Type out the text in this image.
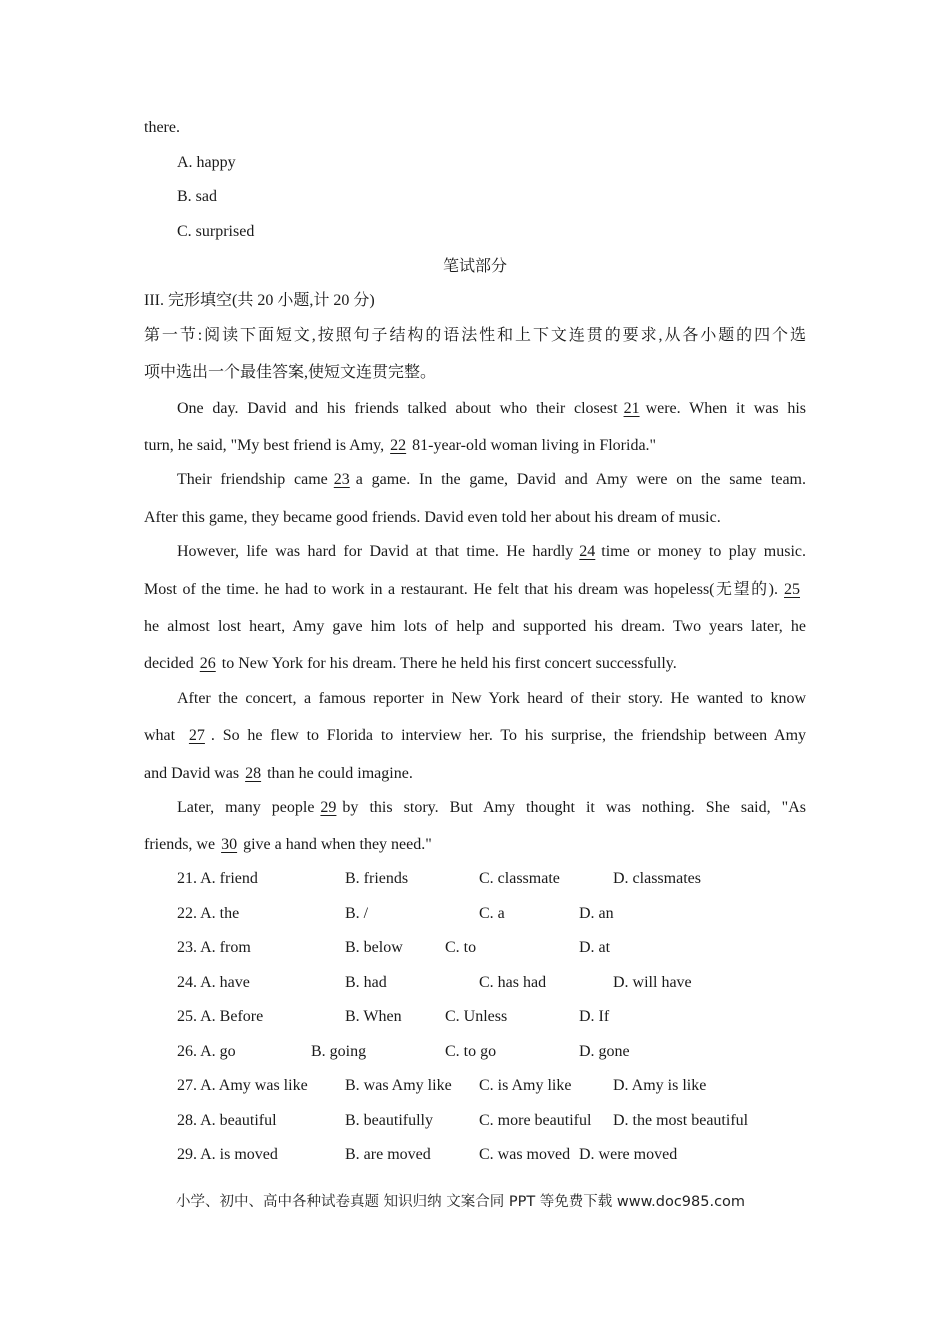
there.
A. happy
B. sad
C. surprised
笔试部分
III. 完形填空(共 20 小题,计 20 分)
第一节:阅读下面短文,按照句子结构的语法性和上下文连贯的要求,从各小题的四个选
项中选出一个最佳答案,使短文连贯完整。
One day. David and his friends talked about who their closest 21 were. When it was his
turn, he said, "My best friend is Amy, 22 81-year-old woman living in Florida."
Their friendship came 23 a game. In the game, David and Amy were on the same team.
After this game, they became good friends. David even told her about his dream of music.
However, life was hard for David at that time. He hardly 24 time or money to play music.
Most of the time. he had to work in a restaurant. He felt that his dream was hopeless(无望的). 25
he almost lost heart, Amy gave him lots of help and supported his dream. Two years later, he
decided 26 to New York for his dream. There he held his first concert successfully.
After the concert, a famous reporter in New York heard of their story. He wanted to know
what 27 . So he flew to Florida to interview her. To his surprise, the friendship between Amy
and David was 28 than he could imagine.
Later, many people 29 by this story. But Amy thought it was nothing. She said, "As
friends, we 30 give a hand when they need."
21. A. friend	B. friends	C. classmate	D. classmates
22. A. the	B. /	C. a	D. an
23. A. from	B. below	C. to	D. at
24. A. have	B. had	C. has had	D. will have
25. A. Before	B. When	C. Unless	D. If
26. A. go	B. going	C. to go	D. gone
27. A. Amy was like B. was Amy like C. is Amy like	D. Amy is like
28. A. beautiful	B. beautifully	C. more beautiful D. the most beautiful
29. A. is moved	B. are moved	C. was moved D. were moved
小学、初中、高中各种试卷真题 知识归纳 文案合同 PPT 等免费下载 www.doc985.com
